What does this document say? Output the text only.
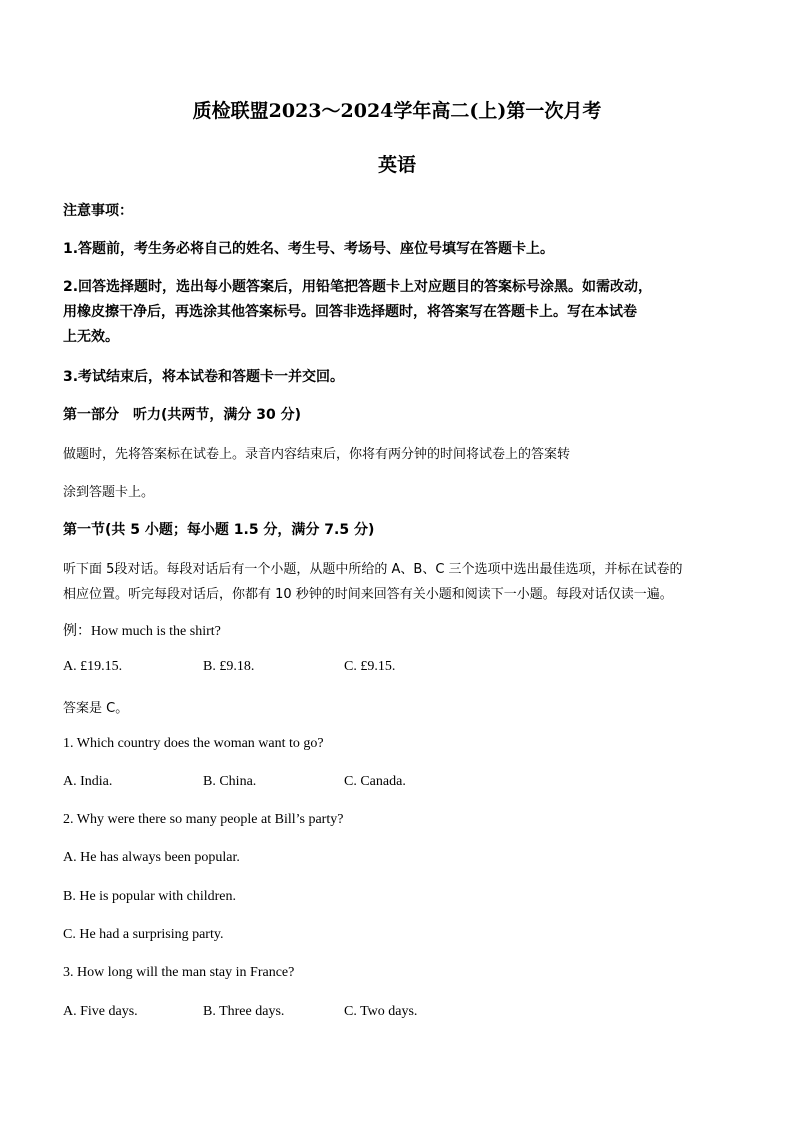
质检联盟2023～2024学年高二(上)第一次月考
英语
注意事项：
1.答题前，考生务必将自己的姓名、考生号、考场号、座位号填写在答题卡上。
2.回答选择题时，选出每小题答案后，用铅笔把答题卡上对应题目的答案标号涂黑。如需改动，
用橡皮擦干净后，再选涂其他答案标号。回答非选择题时，将答案写在答题卡上。写在本试卷
上无效。
3.考试结束后，将本试卷和答题卡一并交回。
第一部分　听力(共两节，满分 30 分)
做题时，先将答案标在试卷上。录音内容结束后，你将有两分钟的时间将试卷上的答案转
涂到答题卡上。
第一节(共 5 小题；每小题 1.5 分，满分 7.5 分)
听下面 5段对话。每段对话后有一个小题，从题中所给的 A、B、C 三个选项中选出最佳选项，并标在试卷的
相应位置。听完每段对话后，你都有 10 秒钟的时间来回答有关小题和阅读下一小题。每段对话仅读一遍。
例：How much is the shirt?
A. £19.15.	B. £9.18.	C. £9.15.
答案是 C。
1. Which country does the woman want to go?
A. India.	B. China.	C. Canada.
2. Why were there so many people at Bill’s party?
A. He has always been popular.
B. He is popular with children.
C. He had a surprising party.
3. How long will the man stay in France?
A. Five days.	B. Three days.	C. Two days.
